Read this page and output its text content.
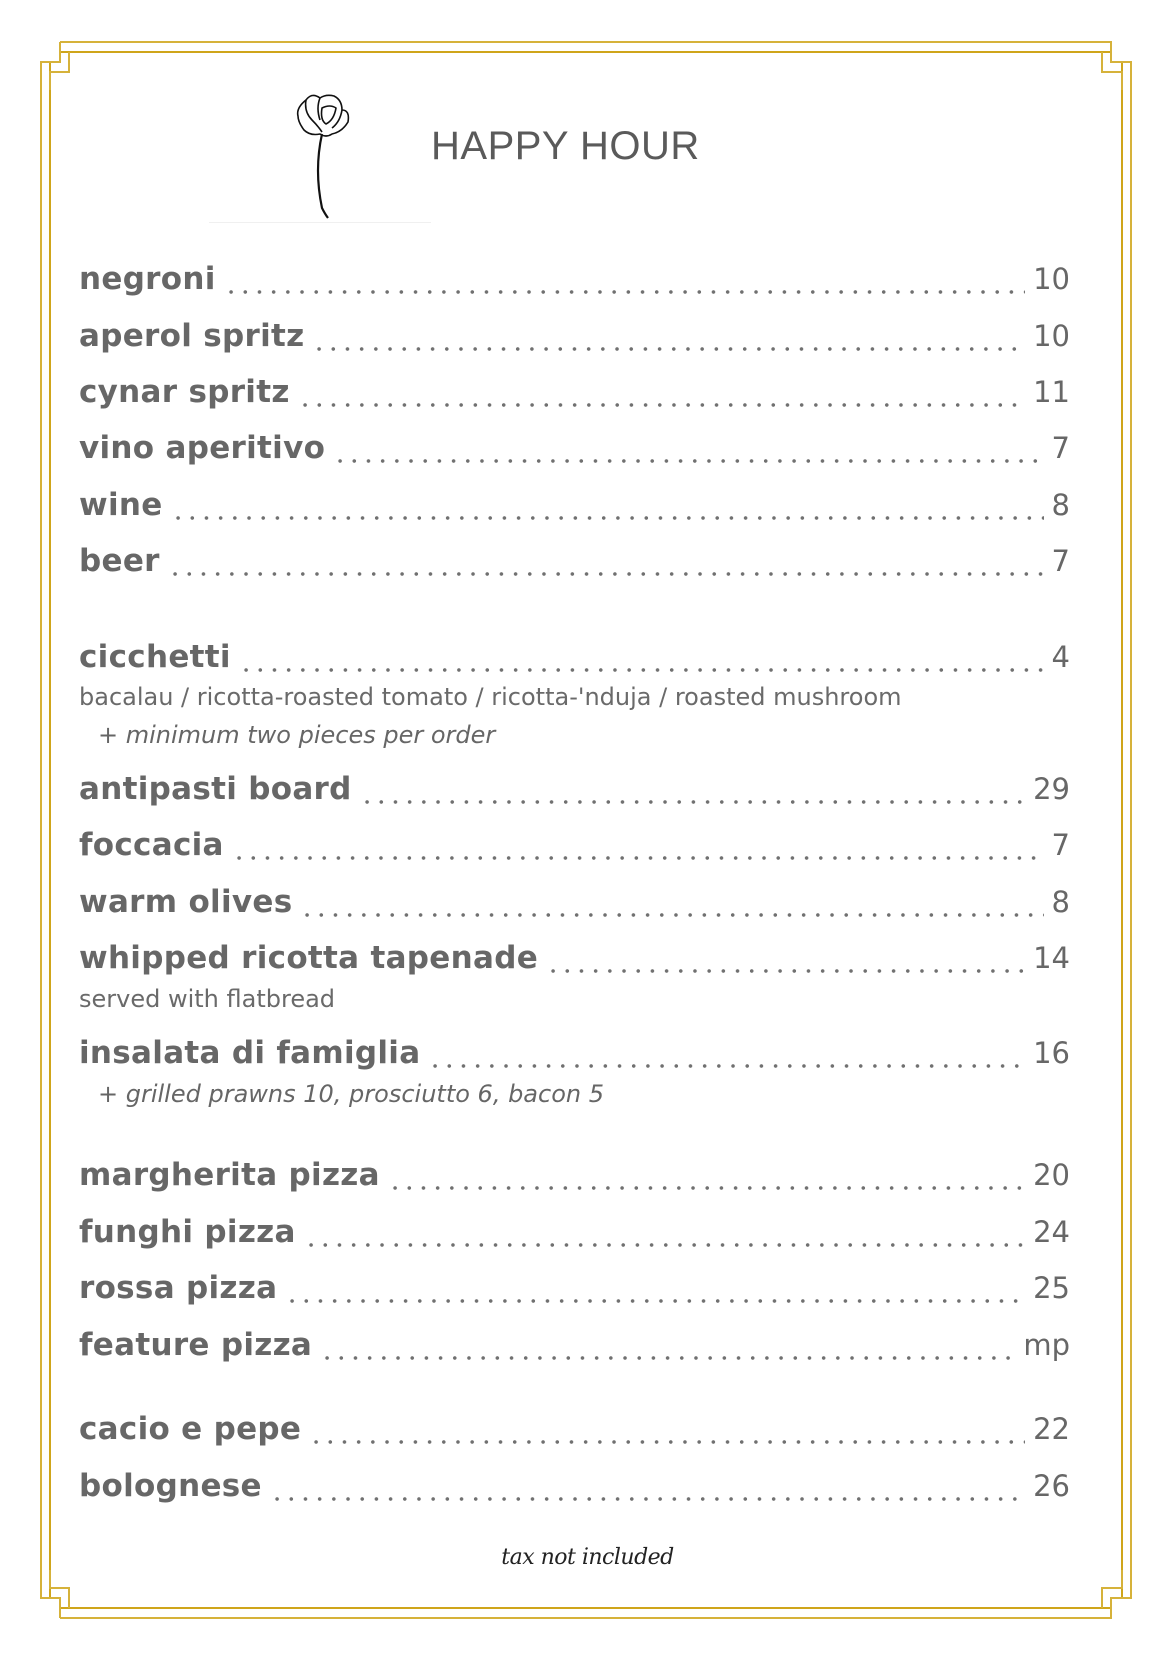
HAPPY HOUR
negroni	10
aperol spritz	10
cynar spritz	11
vino aperitivo	7
wine	8
beer	7
cicchetti	4
bacalau / ricotta-roasted tomato / ricotta-'nduja / roasted mushroom
+ minimum two pieces per order
antipasti board	29
foccacia	7
warm olives	8
whipped ricotta tapenade	14
served with flatbread
insalata di famiglia	16
+ grilled prawns 10, prosciutto 6, bacon 5
margherita pizza	20
funghi pizza	24
rossa pizza	25
feature pizza	mp
cacio e pepe	22
bolognese	26
tax not included
